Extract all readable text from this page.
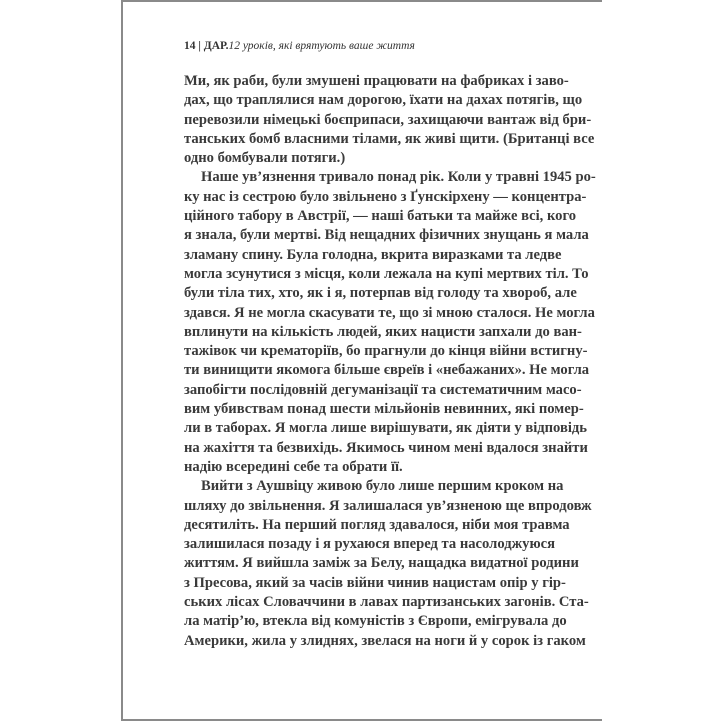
14 | ДАР.12 уроків, які врятують ваше життя
Ми, як раби, були змушені працювати на фабриках і заво-
дах, що траплялися нам дорогою, їхати на дахах потягів, що
перевозили німецькі боєприпаси, захищаючи вантаж від бри-
танських бомб власними тілами, як живі щити. (Британці все
одно бомбували потяги.)
Наше ув’язнення тривало понад рік. Коли у травні 1945 ро-
ку нас із сестрою було звільнено з Ґунскірхену — концентра-
ційного табору в Австрії, — наші батьки та майже всі, кого
я знала, були мертві. Від нещадних фізичних знущань я мала
зламану спину. Була голодна, вкрита виразками та ледве
могла зсунутися з місця, коли лежала на купі мертвих тіл. То
були тіла тих, хто, як і я, потерпав від голоду та хвороб, але
здався. Я не могла скасувати те, що зі мною сталося. Не могла
вплинути на кількість людей, яких нацисти запхали до ван-
тажівок чи крематоріїв, бо прагнули до кінця війни встигну-
ти винищити якомога більше євреїв і «небажаних». Не могла
запобігти послідовній дегуманізації та систематичним масо-
вим убивствам понад шести мільйонів невинних, які помер-
ли в таборах. Я могла лише вирішувати, як діяти у відповідь
на жахіття та безвихідь. Якимось чином мені вдалося знайти
надію всередині себе та обрати її.
Вийти з Аушвіцу живою було лише першим кроком на
шляху до звільнення. Я залишалася ув’язненою ще впродовж
десятиліть. На перший погляд здавалося, ніби моя травма
залишилася позаду і я рухаюся вперед та насолоджуюся
життям. Я вийшла заміж за Белу, нащадка видатної родини
з Пресова, який за часів війни чинив нацистам опір у гір-
ських лісах Словаччини в лавах партизанських загонів. Ста-
ла матір’ю, втекла від комуністів з Європи, емігрувала до
Америки, жила у злиднях, звелася на ноги й у сорок із гаком
